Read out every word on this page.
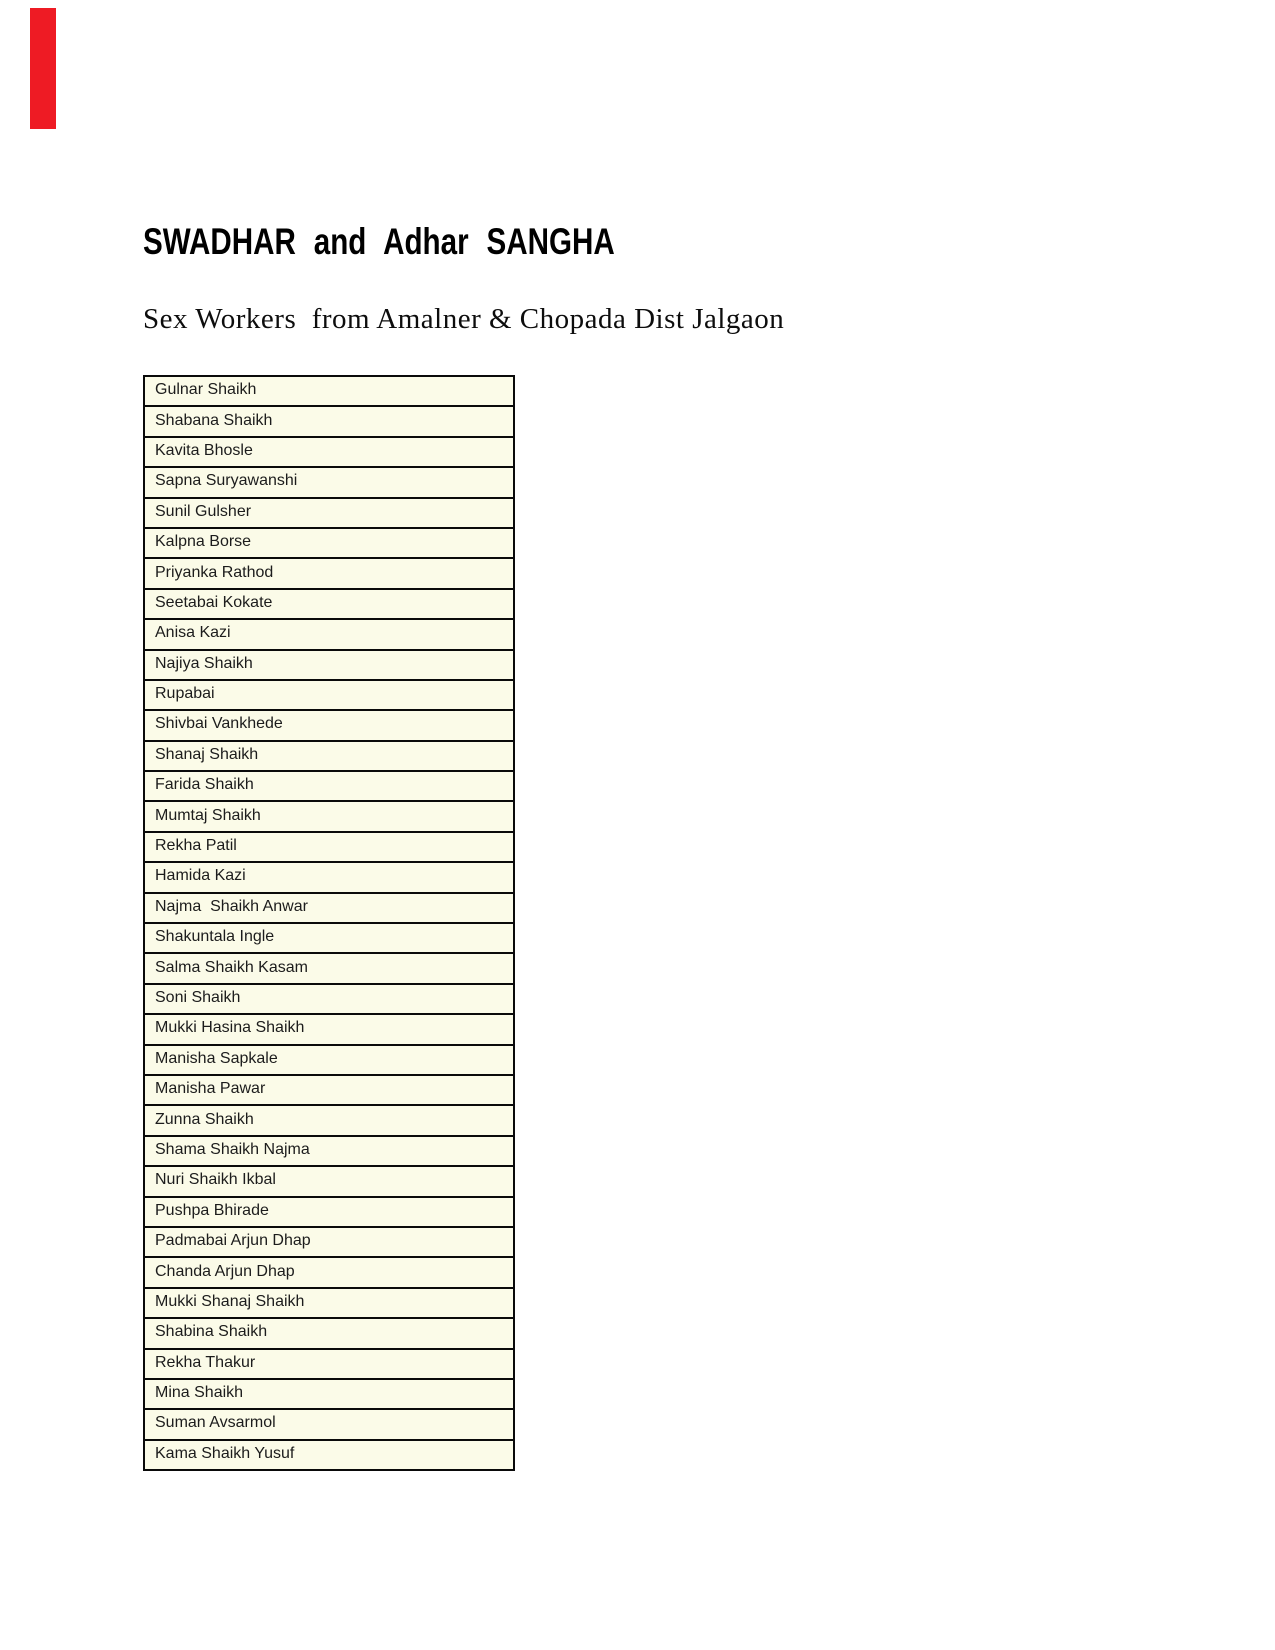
SWADHAR and Adhar SANGHA
Sex Workers  from Amalner & Chopada Dist Jalgaon
Gulnar Shaikh
Shabana Shaikh
Kavita Bhosle
Sapna Suryawanshi
Sunil Gulsher
Kalpna Borse
Priyanka Rathod
Seetabai Kokate
Anisa Kazi
Najiya Shaikh
Rupabai
Shivbai Vankhede
Shanaj Shaikh
Farida Shaikh
Mumtaj Shaikh
Rekha Patil
Hamida Kazi
Najma  Shaikh Anwar
Shakuntala Ingle
Salma Shaikh Kasam
Soni Shaikh
Mukki Hasina Shaikh
Manisha Sapkale
Manisha Pawar
Zunna Shaikh
Shama Shaikh Najma
Nuri Shaikh Ikbal
Pushpa Bhirade
Padmabai Arjun Dhap
Chanda Arjun Dhap
Mukki Shanaj Shaikh
Shabina Shaikh
Rekha Thakur
Mina Shaikh
Suman Avsarmol
Kama Shaikh Yusuf
